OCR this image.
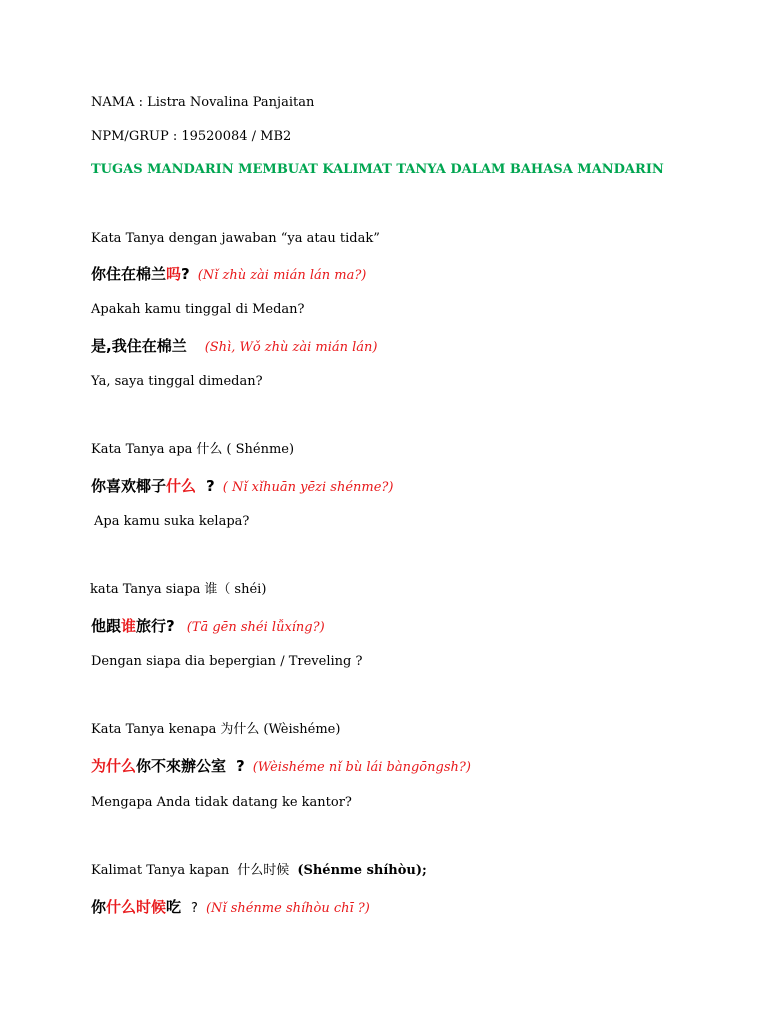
NAMA : Listra Novalina Panjaitan
NPM/GRUP : 19520084 / MB2
TUGAS MANDARIN MEMBUAT KALIMAT TANYA DALAM BAHASA MANDARIN
Kata Tanya dengan jawaban “ya atau tidak”
你住在棉兰吗? (Nǐ zhù zài mián lán ma?)
Apakah kamu tinggal di Medan?
是,我住在棉兰 (Shì, Wǒ zhù zài mián lán)
Ya, saya tinggal dimedan?
Kata Tanya apa 什么 ( Shénme)
你喜欢椰子什么 ? ( Nǐ xǐhuān yēzi shénme?)
Apa kamu suka kelapa?
kata Tanya siapa 谁（ shéi)
他跟谁旅行? (Tā gēn shéi lǚxíng?)
Dengan siapa dia bepergian / Treveling ?
Kata Tanya kenapa 为什么 (Wèishéme)
为什么你不來辦公室 ? (Wèishéme nǐ bù lái bàngōngsh?)
Mengapa Anda tidak datang ke kantor?
Kalimat Tanya kapan 什么时候 (Shénme shíhòu);
你什么时候吃 ? (Nǐ shénme shíhòu chī ?)
